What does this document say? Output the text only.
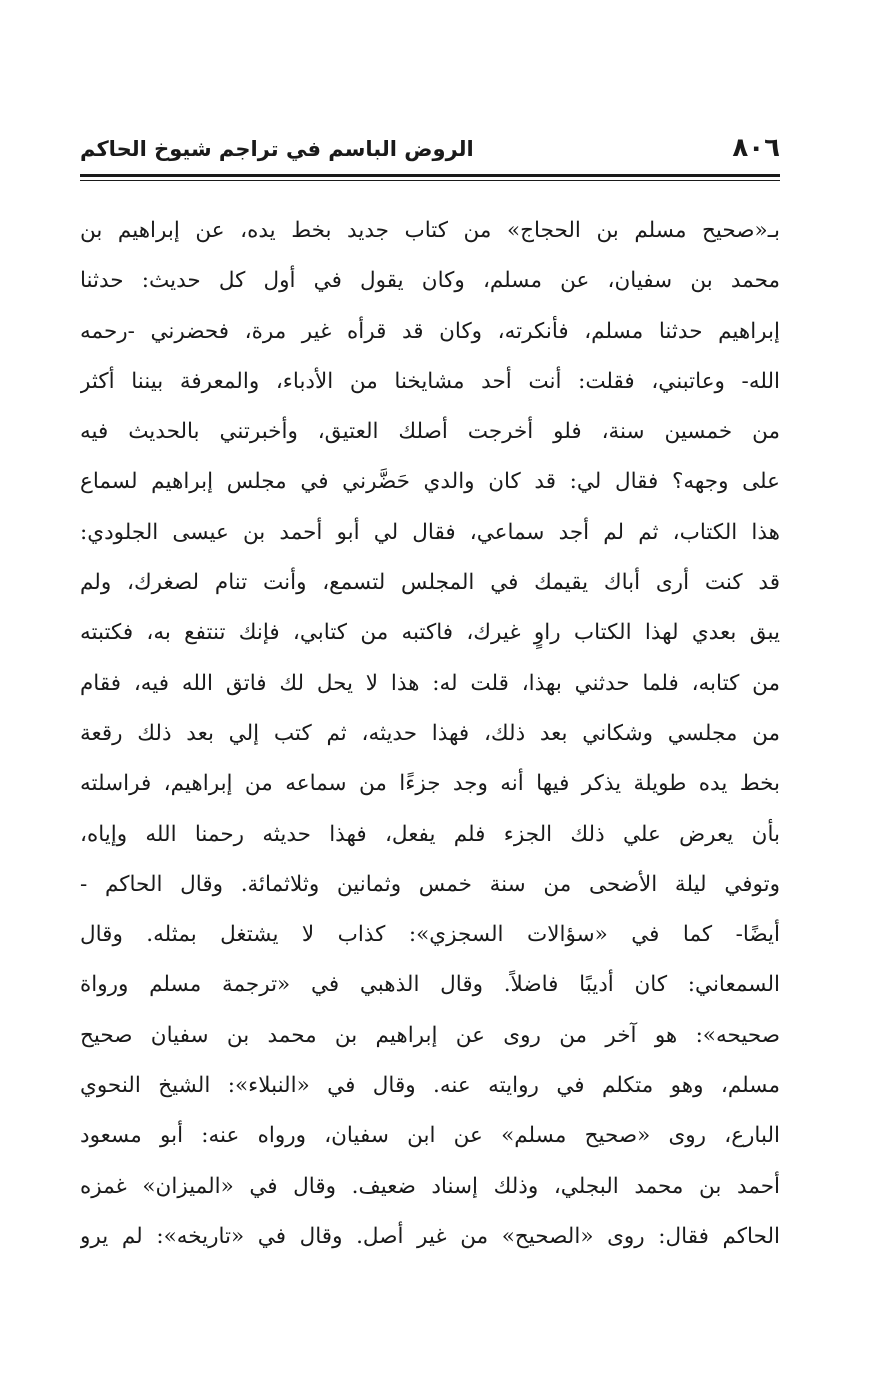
٨٠٦
الروض الباسم في تراجم شيوخ الحاكم
بـ«صحيح مسلم بن الحجاج» من كتاب جديد بخط يده، عن إبراهيم بن
محمد بن سفيان، عن مسلم، وكان يقول في أول كل حديث: حدثنا
إبراهيم حدثنا مسلم، فأنكرته، وكان قد قرأه غير مرة، فحضرني -رحمه
الله- وعاتبني، فقلت: أنت أحد مشايخنا من الأدباء، والمعرفة بيننا أكثر
من خمسين سنة، فلو أخرجت أصلك العتيق، وأخبرتني بالحديث فيه
على وجهه؟ فقال لي: قد كان والدي حَضَّرني في مجلس إبراهيم لسماع
هذا الكتاب، ثم لم أجد سماعي، فقال لي أبو أحمد بن عيسى الجلودي:
قد كنت أرى أباك يقيمك في المجلس لتسمع، وأنت تنام لصغرك، ولم
يبق بعدي لهذا الكتاب راوٍ غيرك، فاكتبه من كتابي، فإنك تنتفع به، فكتبته
من كتابه، فلما حدثني بهذا، قلت له: هذا لا يحل لك فاتق الله فيه، فقام
من مجلسي وشكاني بعد ذلك، فهذا حديثه، ثم كتب إلي بعد ذلك رقعة
بخط يده طويلة يذكر فيها أنه وجد جزءًا من سماعه من إبراهيم، فراسلته
بأن يعرض علي ذلك الجزء فلم يفعل، فهذا حديثه رحمنا الله وإياه،
وتوفي ليلة الأضحى من سنة خمس وثمانين وثلاثمائة. وقال الحاكم -
أيضًا- كما في «سؤالات السجزي»: كذاب لا يشتغل بمثله. وقال
السمعاني: كان أديبًا فاضلاً. وقال الذهبي في «ترجمة مسلم ورواة
صحيحه»: هو آخر من روى عن إبراهيم بن محمد بن سفيان صحيح
مسلم، وهو متكلم في روايته عنه. وقال في «النبلاء»: الشيخ النحوي
البارع، روى «صحيح مسلم» عن ابن سفيان، ورواه عنه: أبو مسعود
أحمد بن محمد البجلي، وذلك إسناد ضعيف. وقال في «الميزان» غمزه
الحاكم فقال: روى «الصحيح» من غير أصل. وقال في «تاريخه»: لم يرو
